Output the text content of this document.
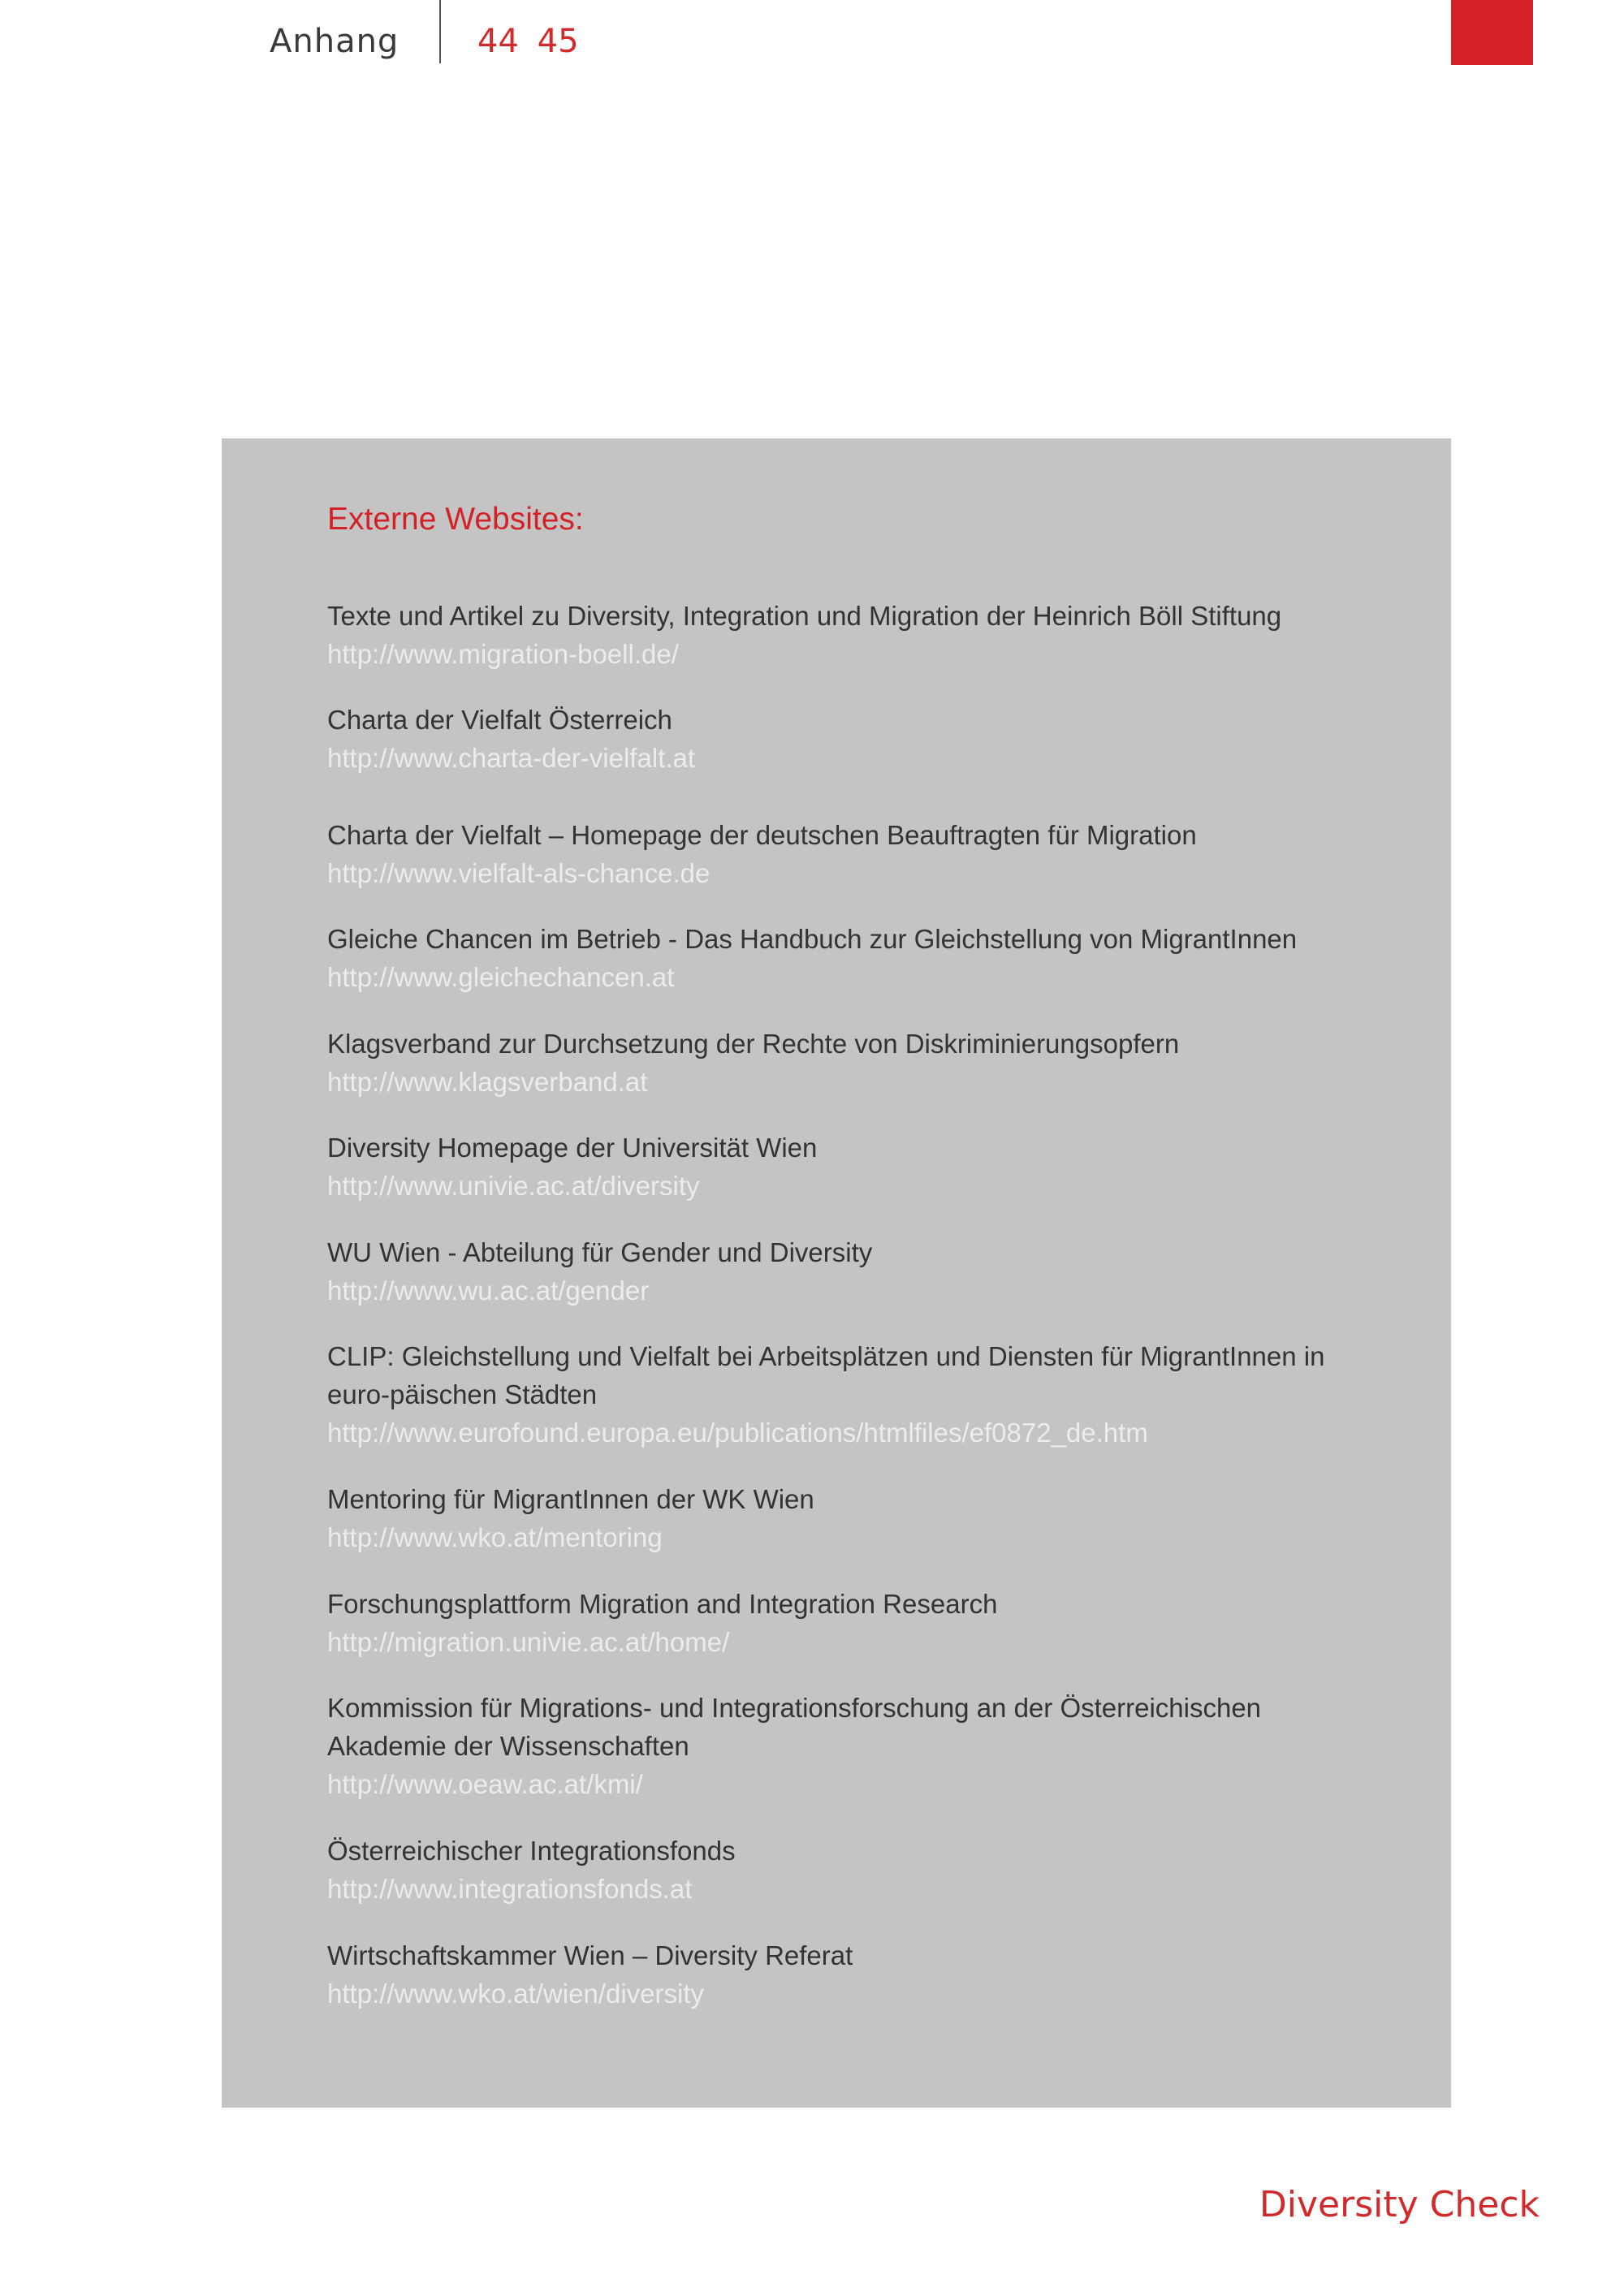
Anhang 44 45
Externe Websites:
Texte und Artikel zu Diversity, Integration und Migration der Heinrich Böll Stiftung
http://www.migration-boell.de/
Charta der Vielfalt Österreich
http://www.charta-der-vielfalt.at
Charta der Vielfalt – Homepage der deutschen Beauftragten für Migration
http://www.vielfalt-als-chance.de
Gleiche Chancen im Betrieb - Das Handbuch zur Gleichstellung von MigrantInnen
http://www.gleichechancen.at
Klagsverband zur Durchsetzung der Rechte von Diskriminierungsopfern
http://www.klagsverband.at
Diversity Homepage der Universität Wien
http://www.univie.ac.at/diversity
WU Wien - Abteilung für Gender und Diversity
http://www.wu.ac.at/gender
CLIP: Gleichstellung und Vielfalt bei Arbeitsplätzen und Diensten für MigrantInnen in euro-päischen Städten
http://www.eurofound.europa.eu/publications/htmlfiles/ef0872_de.htm
Mentoring für MigrantInnen der WK Wien
http://www.wko.at/mentoring
Forschungsplattform Migration and Integration Research
http://migration.univie.ac.at/home/
Kommission für Migrations- und Integrationsforschung an der Österreichischen Akademie der Wissenschaften
http://www.oeaw.ac.at/kmi/
Österreichischer Integrationsfonds
http://www.integrationsfonds.at
Wirtschaftskammer Wien – Diversity Referat
http://www.wko.at/wien/diversity
Diversity Check
